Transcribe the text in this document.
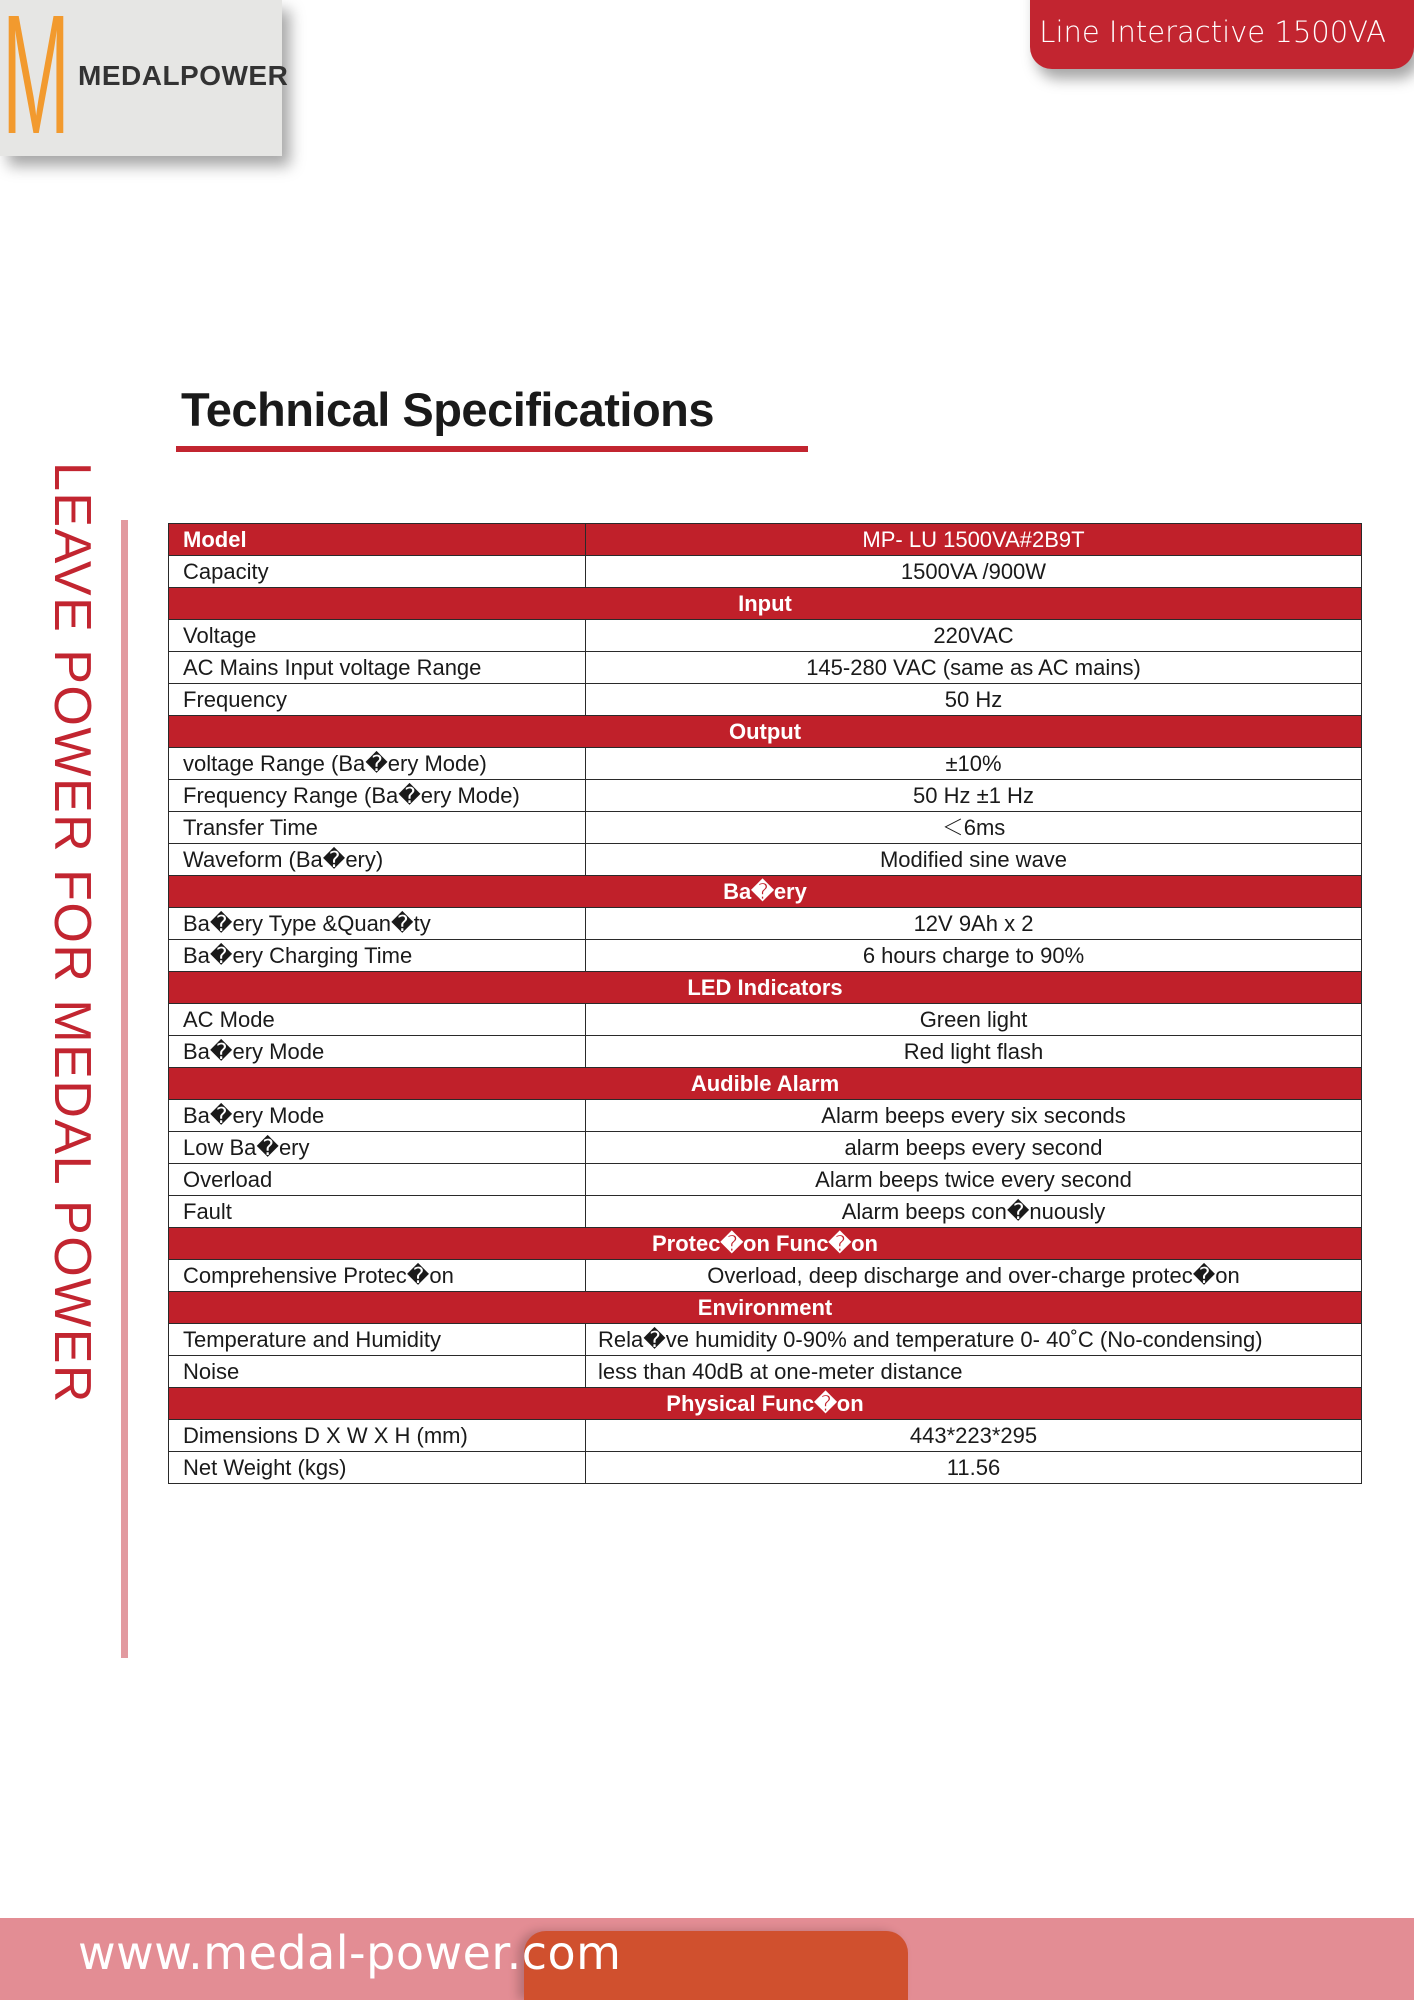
M MEDALPOWER
Line Interactive 1500VA
LEAVE POWER FOR MEDAL POWER
Technical Specifications
Model	MP- LU 1500VA#2B9T
Capacity	1500VA /900W
Input	
Voltage	220VAC
AC Mains Input voltage Range	145-280 VAC (same as AC mains)
Frequency	50 Hz
Output	
voltage Range (Ba�ery Mode)	±10%
Frequency Range (Ba�ery Mode)	50 Hz ±1 Hz
Transfer Time	＜6ms
Waveform (Ba�ery)	Modified sine wave
Ba�ery	
Ba�ery Type &Quan�ty	12V 9Ah x 2
Ba�ery Charging Time	6 hours charge to 90%
LED Indicators	
AC Mode	Green light
Ba�ery Mode	Red light flash
Audible Alarm	
Ba�ery Mode	Alarm beeps every six seconds
Low Ba�ery	alarm beeps every second
Overload	Alarm beeps twice every second
Fault	Alarm beeps con�nuously
Protec�on Func�on	
Comprehensive Protec�on	Overload, deep discharge and over-charge protec�on
Environment	
Temperature and Humidity	Rela�ve humidity 0-90% and temperature 0- 40˚C (No-condensing)
Noise	less than 40dB at one-meter distance
Physical Func�on	
Dimensions D X W X H (mm)	443*223*295
Net Weight (kgs)	11.56
www.medal-power.com
